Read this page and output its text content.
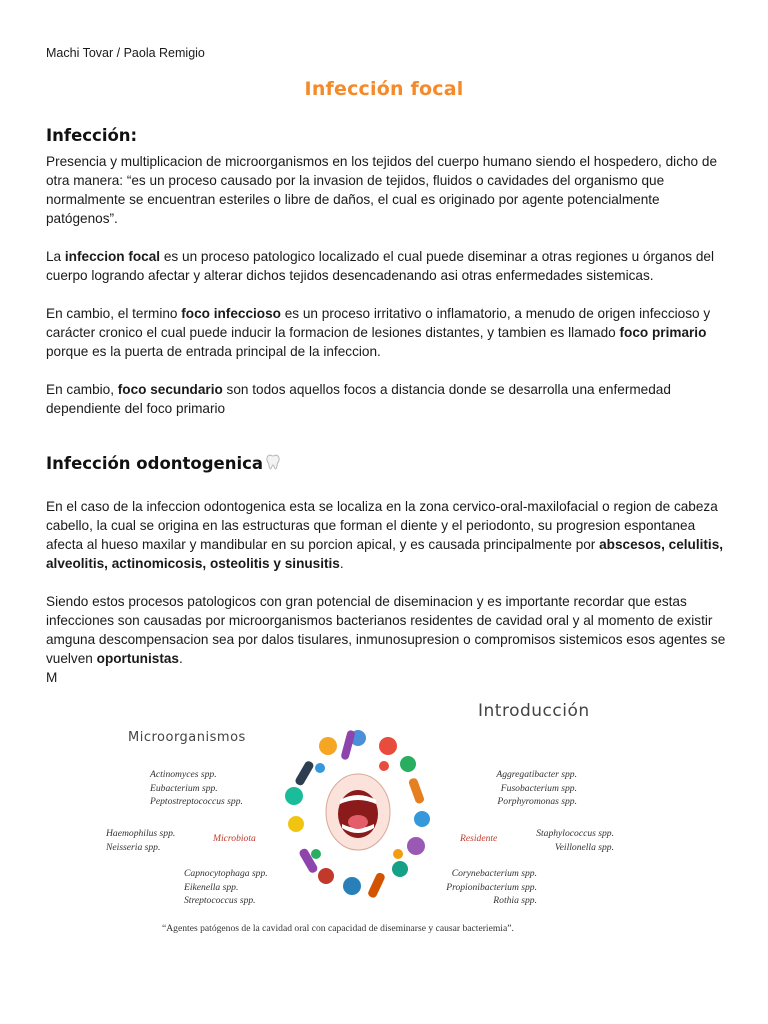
Machi Tovar / Paola Remigio
Infección focal
Infección:

Presencia y multiplicacion de microorganismos en los tejidos del cuerpo humano siendo el hospedero, dicho de otra manera: “es un proceso causado por la invasion de tejidos, fluidos o cavidades del organismo que normalmente se encuentran esteriles o libre de daños, el cual es originado por agente potencialmente patógenos”.

La infeccion focal es un proceso patologico localizado el cual puede diseminar a otras regiones u órganos del cuerpo logrando afectar y alterar dichos tejidos desencadenando asi otras enfermedades sistemicas.

En cambio, el termino foco infeccioso es un proceso irritativo o inflamatorio, a menudo de origen infeccioso y carácter cronico el cual puede inducir la formacion de lesiones distantes, y tambien es llamado foco primario porque es la puerta de entrada principal de la infeccion.

En cambio, foco secundario son todos aquellos focos a distancia donde se desarrolla una enfermedad dependiente del foco primario

Infección odontogenica

En el caso de la infeccion odontogenica esta se localiza en la zona cervico-oral-maxilofacial o region de cabeza cabello, la cual se origina en las estructuras que forman el diente y el periodonto, su progresion espontanea afecta al hueso maxilar y mandibular en su porcion apical, y es causada principalmente por abscesos, celulitis, alveolitis, actinomicosis, osteolitis y sinusitis.

Siendo estos procesos patologicos con gran potencial de diseminacion y es importante recordar que estas infecciones son causadas por microorganismos bacterianos residentes de cavidad oral y al momento de existir amguna descompensacion sea por dalos tisulares, inmunosupresion o compromisos sistemicos esos agentes se vuelven oportunistas.

M

Introducción
Microorganismos
Actinomyces spp.
Eubacterium spp.
Peptostreptococcus spp.
Haemophilus spp.
Neisseria spp.
Capnocytophaga spp.
Eikenella spp.
Streptococcus spp.
Microbiota	Residente
Aggregatibacter spp.
Fusobacterium spp.
Porphyromonas spp.
Staphylococcus spp.
Veillonella spp.
Corynebacterium spp.
Propionibacterium spp.
Rothia spp.
“Agentes patógenos de la cavidad oral con capacidad de diseminarse y causar bacteriemia”.
